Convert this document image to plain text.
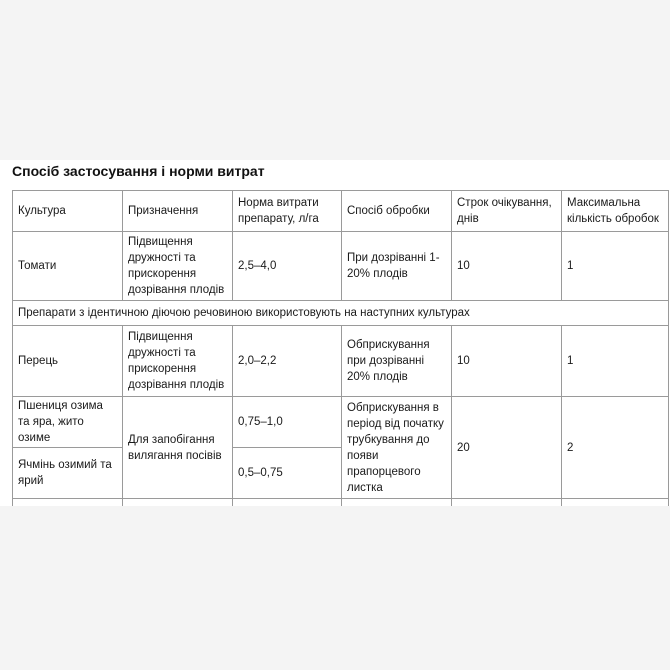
Спосіб застосування і норми витрат
Культура	Призначення	Норма витрати препарату, л/га	Спосіб обробки	Строк очікування, днів	Максимальна кількість обробок
Томати	Підвищення дружності та прискорення дозрівання плодів	2,5–4,0	При дозріванні 1-20% плодів	10	1
Препарати з ідентичною діючою речовиною використовують на наступних культурах					
Перець	Підвищення дружності та прискорення дозрівання плодів	2,0–2,2	Обприскування при дозріванні 20% плодів	10	1
Пшениця озима та яра, жито озиме	Для запобігання вилягання посівів	0,75–1,0	Обприскування в період від початку трубкування до появи прапорцевого листка	20	2
Ячмінь озимий та ярий		0,5–0,75			
